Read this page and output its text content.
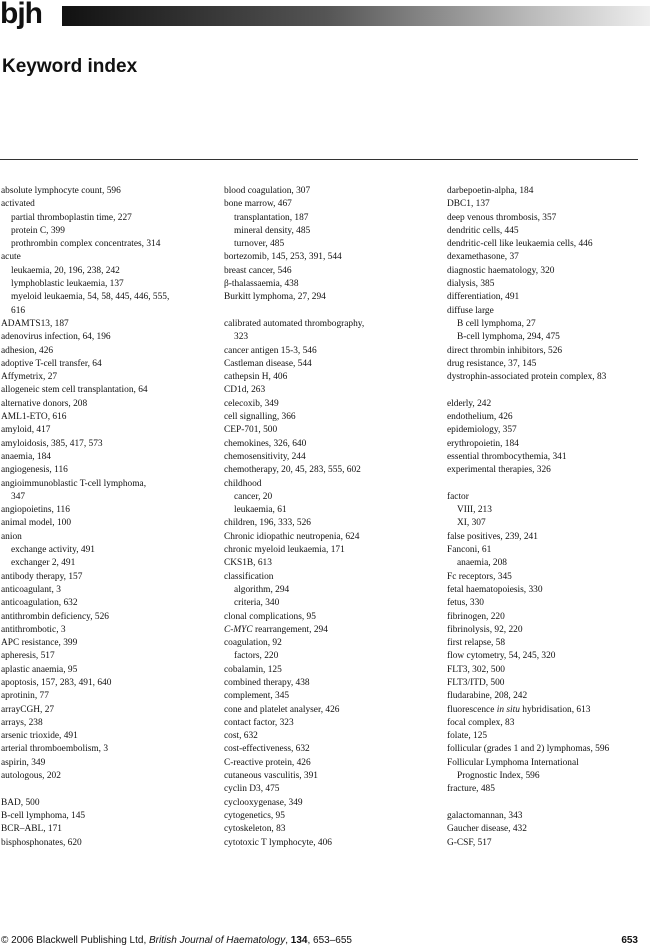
bjh
Keyword index
absolute lymphocyte count, 596
activated
partial thromboplastin time, 227
protein C, 399
prothrombin complex concentrates, 314
acute
leukaemia, 20, 196, 238, 242
lymphoblastic leukaemia, 137
myeloid leukaemia, 54, 58, 445, 446, 555,
616
ADAMTS13, 187
adenovirus infection, 64, 196
adhesion, 426
adoptive T-cell transfer, 64
Affymetrix, 27
allogeneic stem cell transplantation, 64
alternative donors, 208
AML1-ETO, 616
amyloid, 417
amyloidosis, 385, 417, 573
anaemia, 184
angiogenesis, 116
angioimmunoblastic T-cell lymphoma,
347
angiopoietins, 116
animal model, 100
anion
exchange activity, 491
exchanger 2, 491
antibody therapy, 157
anticoagulant, 3
anticoagulation, 632
antithrombin deficiency, 526
antithrombotic, 3
APC resistance, 399
apheresis, 517
aplastic anaemia, 95
apoptosis, 157, 283, 491, 640
aprotinin, 77
arrayCGH, 27
arrays, 238
arsenic trioxide, 491
arterial thromboembolism, 3
aspirin, 349
autologous, 202
BAD, 500
B-cell lymphoma, 145
BCR–ABL, 171
bisphosphonates, 620
blood coagulation, 307
bone marrow, 467
transplantation, 187
mineral density, 485
turnover, 485
bortezomib, 145, 253, 391, 544
breast cancer, 546
β-thalassaemia, 438
Burkitt lymphoma, 27, 294
calibrated automated thrombography,
323
cancer antigen 15-3, 546
Castleman disease, 544
cathepsin H, 406
CD1d, 263
celecoxib, 349
cell signalling, 366
CEP-701, 500
chemokines, 326, 640
chemosensitivity, 244
chemotherapy, 20, 45, 283, 555, 602
childhood
cancer, 20
leukaemia, 61
children, 196, 333, 526
Chronic idiopathic neutropenia, 624
chronic myeloid leukaemia, 171
CKS1B, 613
classification
algorithm, 294
criteria, 340
clonal complications, 95
C-MYC rearrangement, 294
coagulation, 92
factors, 220
cobalamin, 125
combined therapy, 438
complement, 345
cone and platelet analyser, 426
contact factor, 323
cost, 632
cost-effectiveness, 632
C-reactive protein, 426
cutaneous vasculitis, 391
cyclin D3, 475
cyclooxygenase, 349
cytogenetics, 95
cytoskeleton, 83
cytotoxic T lymphocyte, 406
darbepoetin-alpha, 184
DBC1, 137
deep venous thrombosis, 357
dendritic cells, 445
dendritic-cell like leukaemia cells, 446
dexamethasone, 37
diagnostic haematology, 320
dialysis, 385
differentiation, 491
diffuse large
B cell lymphoma, 27
B-cell lymphoma, 294, 475
direct thrombin inhibitors, 526
drug resistance, 37, 145
dystrophin-associated protein complex, 83
elderly, 242
endothelium, 426
epidemiology, 357
erythropoietin, 184
essential thrombocythemia, 341
experimental therapies, 326
factor
VIII, 213
XI, 307
false positives, 239, 241
Fanconi, 61
anaemia, 208
Fc receptors, 345
fetal haematopoiesis, 330
fetus, 330
fibrinogen, 220
fibrinolysis, 92, 220
first relapse, 58
flow cytometry, 54, 245, 320
FLT3, 302, 500
FLT3/ITD, 500
fludarabine, 208, 242
fluorescence in situ hybridisation, 613
focal complex, 83
folate, 125
follicular (grades 1 and 2) lymphomas, 596
Follicular Lymphoma International
Prognostic Index, 596
fracture, 485
galactomannan, 343
Gaucher disease, 432
G-CSF, 517
© 2006 Blackwell Publishing Ltd, British Journal of Haematology, 134, 653–655	653
